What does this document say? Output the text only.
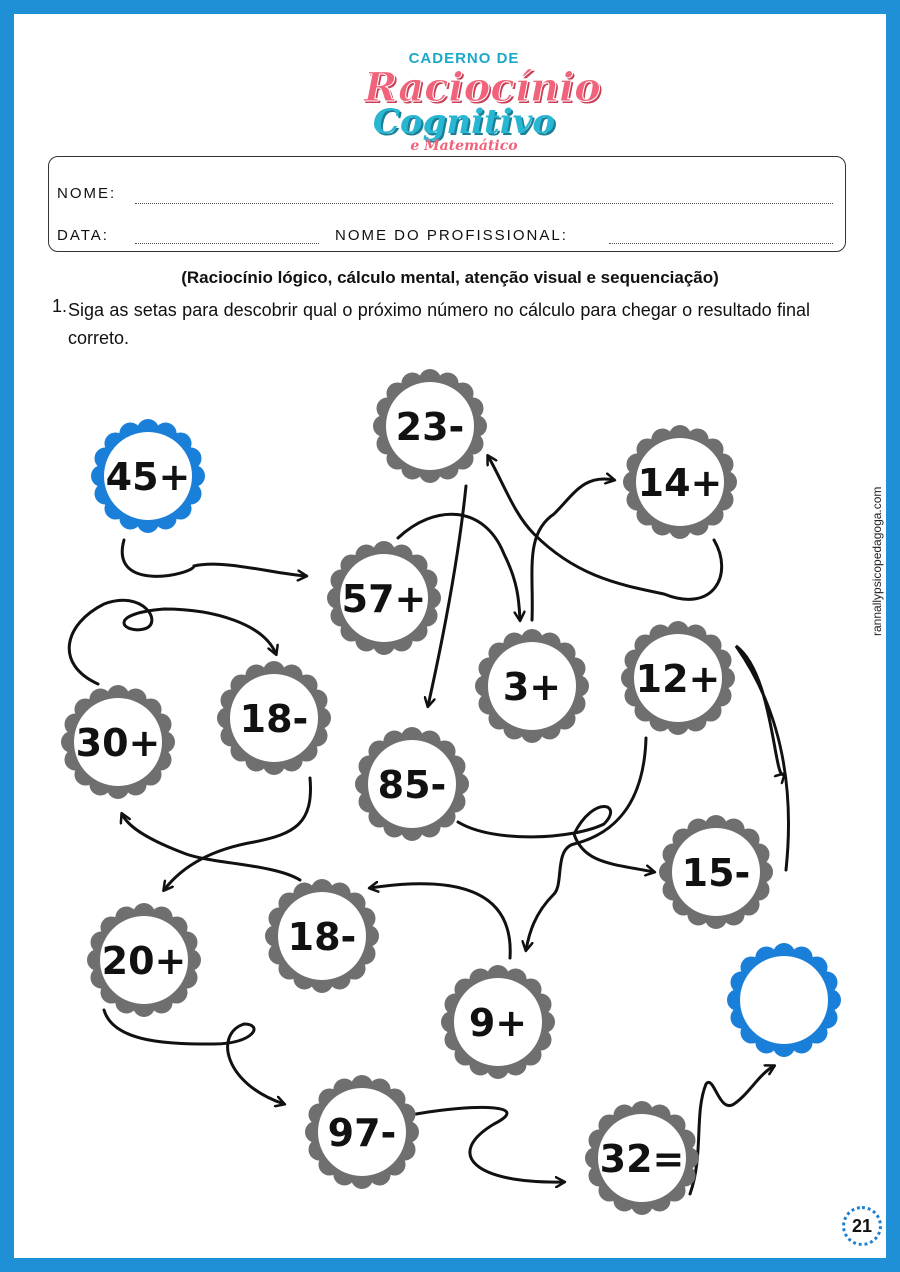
CADERNO DE
Raciocínio
Cognitivo
e Matemático
NOME:
DATA:	NOME DO PROFISSIONAL:
(Raciocínio lógico, cálculo mental, atenção visual e sequenciação)
1. Siga as setas para descobrir qual o próximo número no cálculo para chegar o resultado final correto.
45+
23-
14+
57+
3+ 12+
30+
18-
85-
15-
20+
18-
9+
97-
32=
rannallypsicopedagoga.com
21
